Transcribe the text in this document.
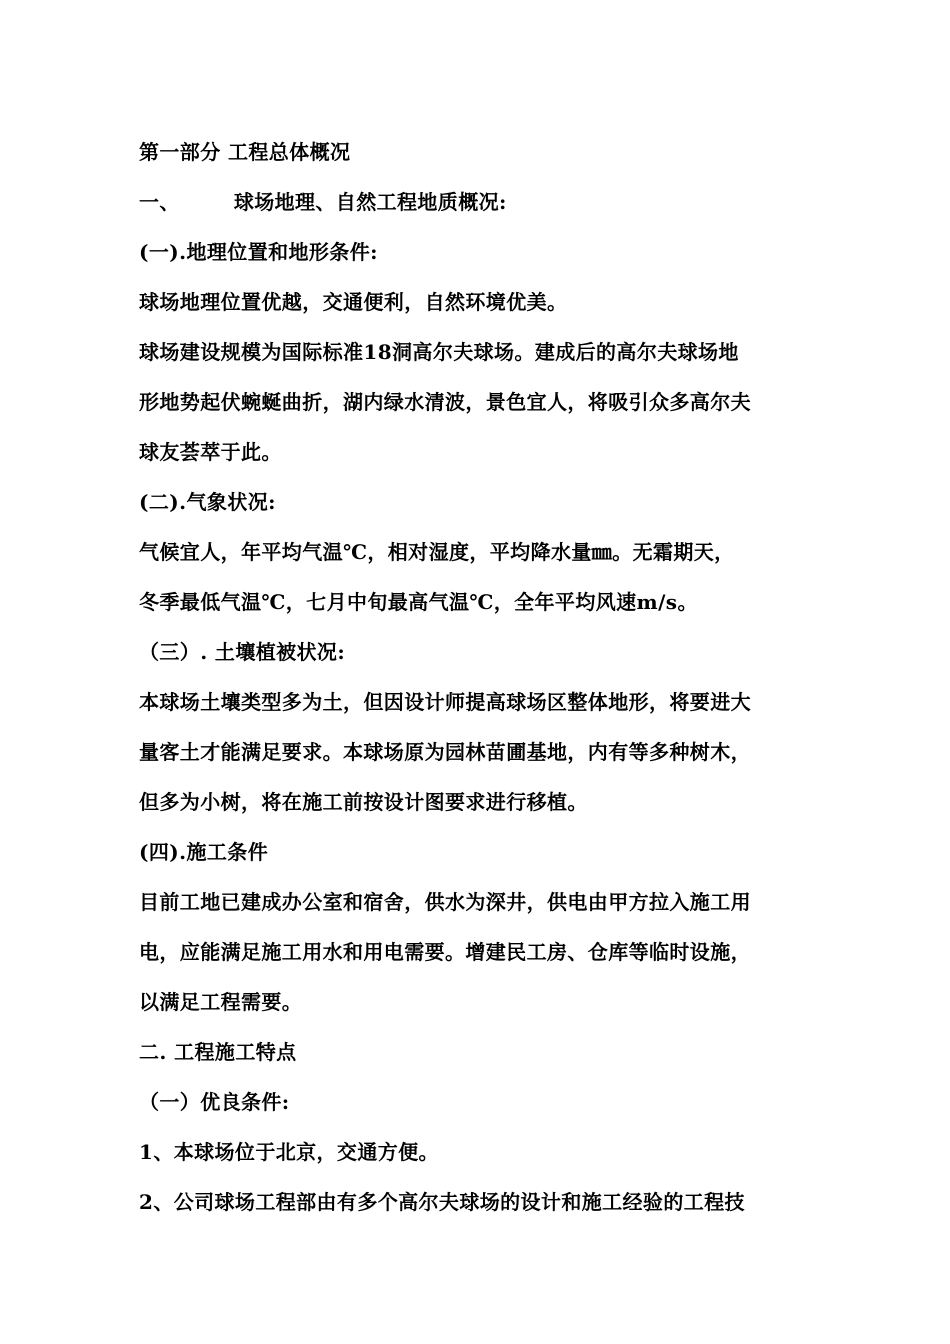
第一部分 工程总体概况
一、	球场地理、自然工程地质概况:
(一).地理位置和地形条件:
球场地理位置优越，交通便利，自然环境优美。
球场建设规模为国际标准18洞高尔夫球场。建成后的高尔夫球场地
形地势起伏蜿蜒曲折，湖内绿水清波，景色宜人，将吸引众多高尔夫
球友荟萃于此。
(二).气象状况:
气候宜人，年平均气温℃，相对湿度，平均降水量㎜。无霜期天，
冬季最低气温℃，七月中旬最高气温℃，全年平均风速m/s。
（三）. 土壤植被状况:
本球场土壤类型多为土，但因设计师提高球场区整体地形，将要进大
量客土才能满足要求。本球场原为园林苗圃基地，内有等多种树木，
但多为小树，将在施工前按设计图要求进行移植。
(四).施工条件
目前工地已建成办公室和宿舍，供水为深井，供电由甲方拉入施工用
电，应能满足施工用水和用电需要。增建民工房、仓库等临时设施，
以满足工程需要。
二. 工程施工特点
（一）优良条件:
1、本球场位于北京，交通方便。
2、公司球场工程部由有多个高尔夫球场的设计和施工经验的工程技
